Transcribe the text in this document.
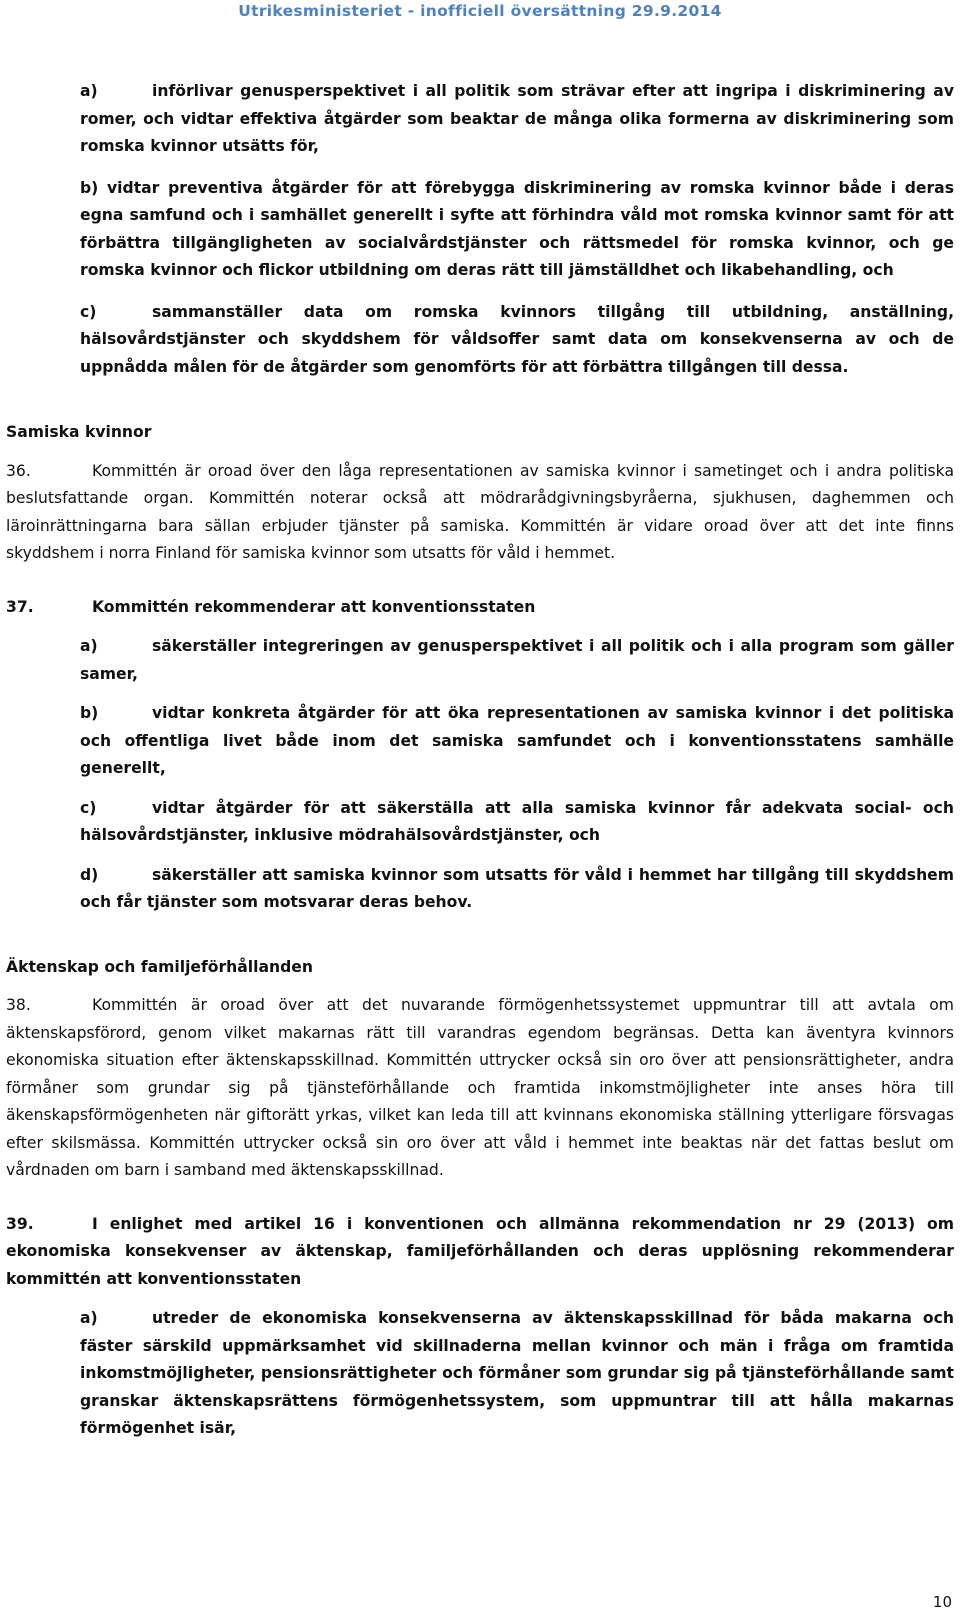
Utrikesministeriet - inofficiell översättning 29.9.2014

a)	införlivar genusperspektivet i all politik som strävar efter att ingripa i diskriminering av romer, och vidtar effektiva åtgärder som beaktar de många olika formerna av diskriminering som romska kvinnor utsätts för,

b) vidtar preventiva åtgärder för att förebygga diskriminering av romska kvinnor både i deras egna samfund och i samhället generellt i syfte att förhindra våld mot romska kvinnor samt för att förbättra tillgängligheten av socialvårdstjänster och rättsmedel för romska kvinnor, och ge romska kvinnor och flickor utbildning om deras rätt till jämställdhet och likabehandling, och

c)	sammanställer data om romska kvinnors tillgång till utbildning, anställning, hälsovårdstjänster och skyddshem för våldsoffer samt data om konsekvenserna av och de uppnådda målen för de åtgärder som genomförts för att förbättra tillgången till dessa.

Samiska kvinnor

36.	Kommittén är oroad över den låga representationen av samiska kvinnor i sametinget och i andra politiska beslutsfattande organ. Kommittén noterar också att mödrarådgivningsbyråerna, sjukhusen, daghemmen och läroinrättningarna bara sällan erbjuder tjänster på samiska. Kommittén är vidare oroad över att det inte finns skyddshem i norra Finland för samiska kvinnor som utsatts för våld i hemmet.

37.	Kommittén rekommenderar att konventionsstaten

a)	säkerställer integreringen av genusperspektivet i all politik och i alla program som gäller samer,

b)	vidtar konkreta åtgärder för att öka representationen av samiska kvinnor i det politiska och offentliga livet både inom det samiska samfundet och i konventionsstatens samhälle generellt,

c)	vidtar åtgärder för att säkerställa att alla samiska kvinnor får adekvata social- och hälsovårdstjänster, inklusive mödrahälsovårdstjänster, och

d)	säkerställer att samiska kvinnor som utsatts för våld i hemmet har tillgång till skyddshem och får tjänster som motsvarar deras behov.

Äktenskap och familjeförhållanden

38.	Kommittén är oroad över att det nuvarande förmögenhetssystemet uppmuntrar till att avtala om äktenskapsförord, genom vilket makarnas rätt till varandras egendom begränsas. Detta kan äventyra kvinnors ekonomiska situation efter äktenskapsskillnad. Kommittén uttrycker också sin oro över att pensionsrättigheter, andra förmåner som grundar sig på tjänsteförhållande och framtida inkomstmöjligheter inte anses höra till äkenskapsförmögenheten när giftorätt yrkas, vilket kan leda till att kvinnans ekonomiska ställning ytterligare försvagas efter skilsmässa. Kommittén uttrycker också sin oro över att våld i hemmet inte beaktas när det fattas beslut om vårdnaden om barn i samband med äktenskapsskillnad.

39.	I enlighet med artikel 16 i konventionen och allmänna rekommendation nr 29 (2013) om ekonomiska konsekvenser av äktenskap, familjeförhållanden och deras upplösning rekommenderar kommittén att konventionsstaten

a)	utreder de ekonomiska konsekvenserna av äktenskapsskillnad för båda makarna och fäster särskild uppmärksamhet vid skillnaderna mellan kvinnor och män i fråga om framtida inkomstmöjligheter, pensionsrättigheter och förmåner som grundar sig på tjänsteförhållande samt granskar äktenskapsrättens förmögenhetssystem, som uppmuntrar till att hålla makarnas förmögenhet isär,

10
